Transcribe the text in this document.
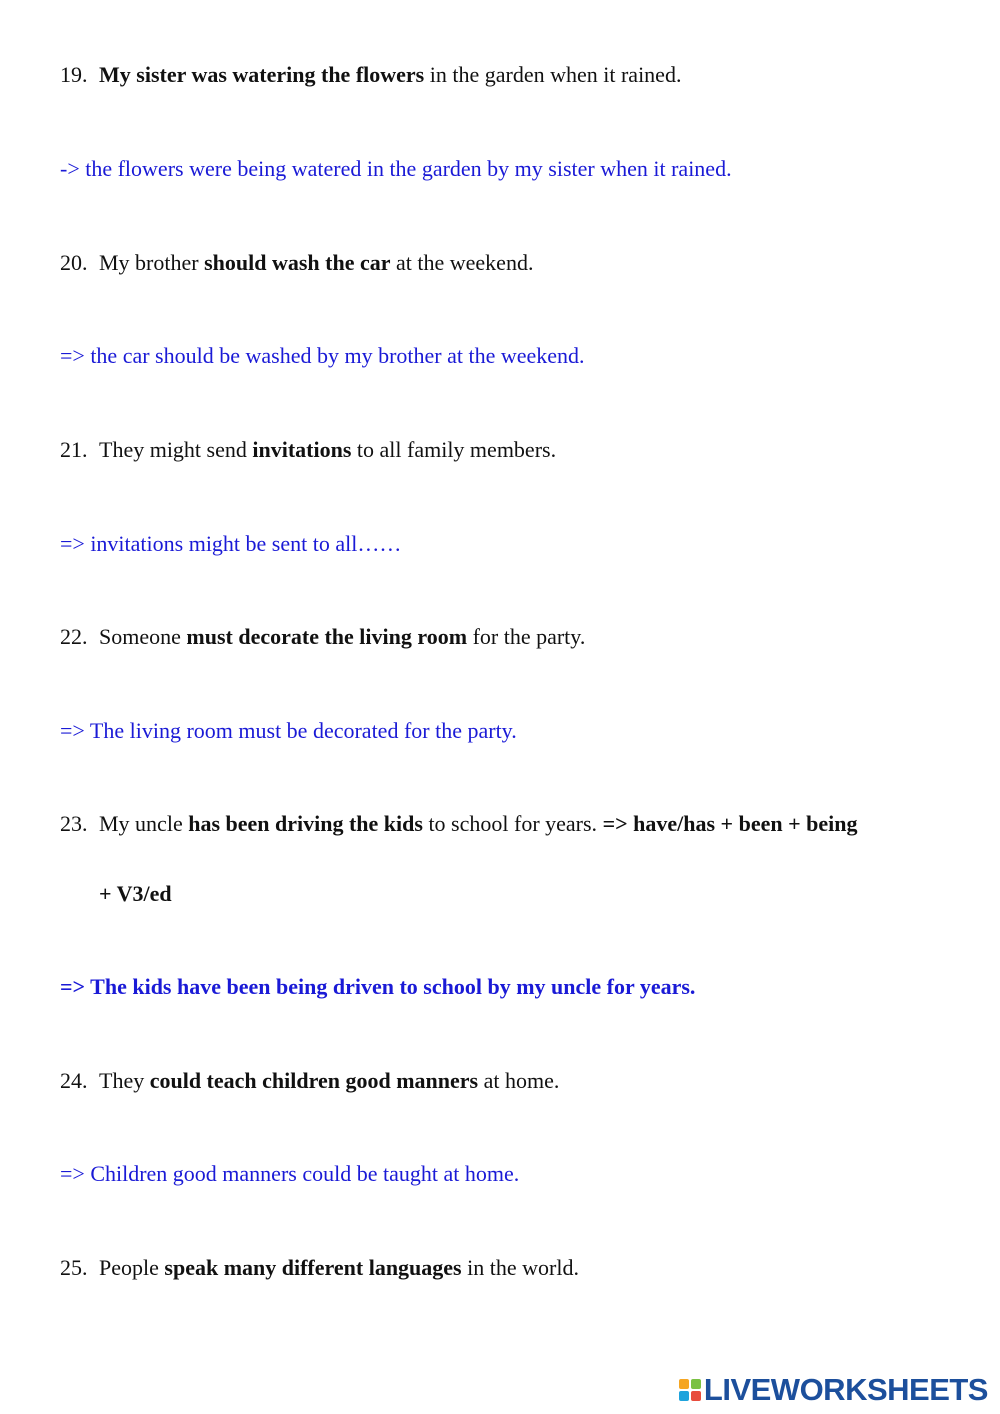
19. My sister was watering the flowers in the garden when it rained.
-> the flowers were being watered in the garden by my sister when it rained.
20. My brother should wash the car at the weekend.
=> the car should be washed by my brother at the weekend.
21. They might send invitations to all family members.
=> invitations might be sent to all……
22. Someone must decorate the living room for the party.
=> The living room must be decorated for the party.
23. My uncle has been driving the kids to school for years. => have/has + been + being
+ V3/ed
=> The kids have been being driven to school by my uncle for years.
24. They could teach children good manners at home.
=> Children good manners could be taught at home.
25. People speak many different languages in the world.
LIVEWORKSHEETS
